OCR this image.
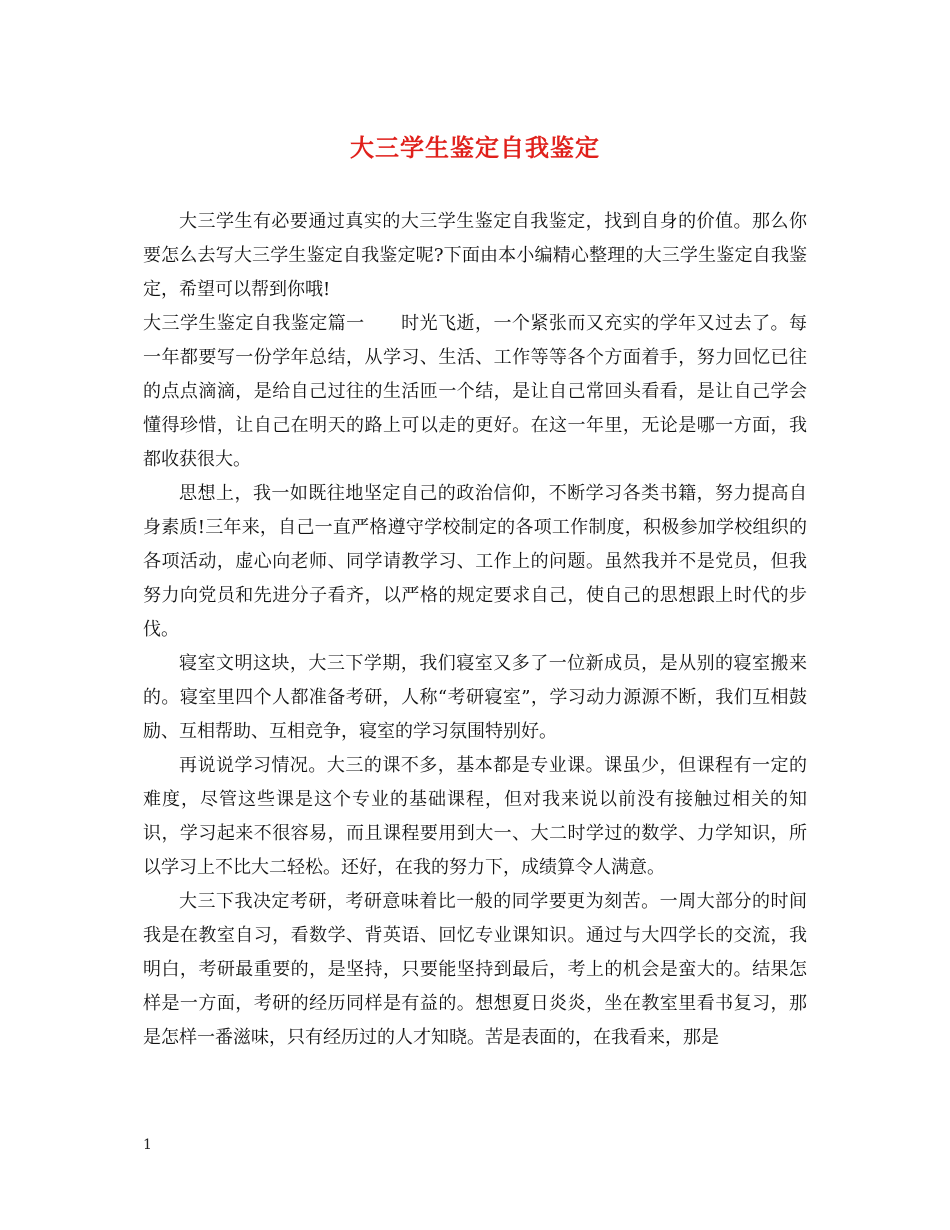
大三学生鉴定自我鉴定

大三学生有必要通过真实的大三学生鉴定自我鉴定，找到自身的价值。那么你要怎么去写大三学生鉴定自我鉴定呢?下面由本小编精心整理的大三学生鉴定自我鉴定，希望可以帮到你哦!

大三学生鉴定自我鉴定篇一 时光飞逝，一个紧张而又充实的学年又过去了。每一年都要写一份学年总结，从学习、生活、工作等等各个方面着手，努力回忆已往的点点滴滴，是给自己过往的生活匝一个结，是让自己常回头看看，是让自己学会懂得珍惜，让自己在明天的路上可以走的更好。在这一年里，无论是哪一方面，我都收获很大。

思想上，我一如既往地坚定自己的政治信仰，不断学习各类书籍，努力提高自身素质!三年来，自己一直严格遵守学校制定的各项工作制度，积极参加学校组织的各项活动，虚心向老师、同学请教学习、工作上的问题。虽然我并不是党员，但我努力向党员和先进分子看齐，以严格的规定要求自己，使自己的思想跟上时代的步伐。

寝室文明这块，大三下学期，我们寝室又多了一位新成员，是从别的寝室搬来的。寝室里四个人都准备考研，人称“考研寝室”，学习动力源源不断，我们互相鼓励、互相帮助、互相竞争，寝室的学习氛围特别好。

再说说学习情况。大三的课不多，基本都是专业课。课虽少，但课程有一定的难度，尽管这些课是这个专业的基础课程，但对我来说以前没有接触过相关的知识，学习起来不很容易，而且课程要用到大一、大二时学过的数学、力学知识，所以学习上不比大二轻松。还好，在我的努力下，成绩算令人满意。

大三下我决定考研，考研意味着比一般的同学要更为刻苦。一周大部分的时间我是在教室自习，看数学、背英语、回忆专业课知识。通过与大四学长的交流，我明白，考研最重要的，是坚持，只要能坚持到最后，考上的机会是蛮大的。结果怎样是一方面，考研的经历同样是有益的。想想夏日炎炎，坐在教室里看书复习，那是怎样一番滋味，只有经历过的人才知晓。苦是表面的，在我看来，那是

1
